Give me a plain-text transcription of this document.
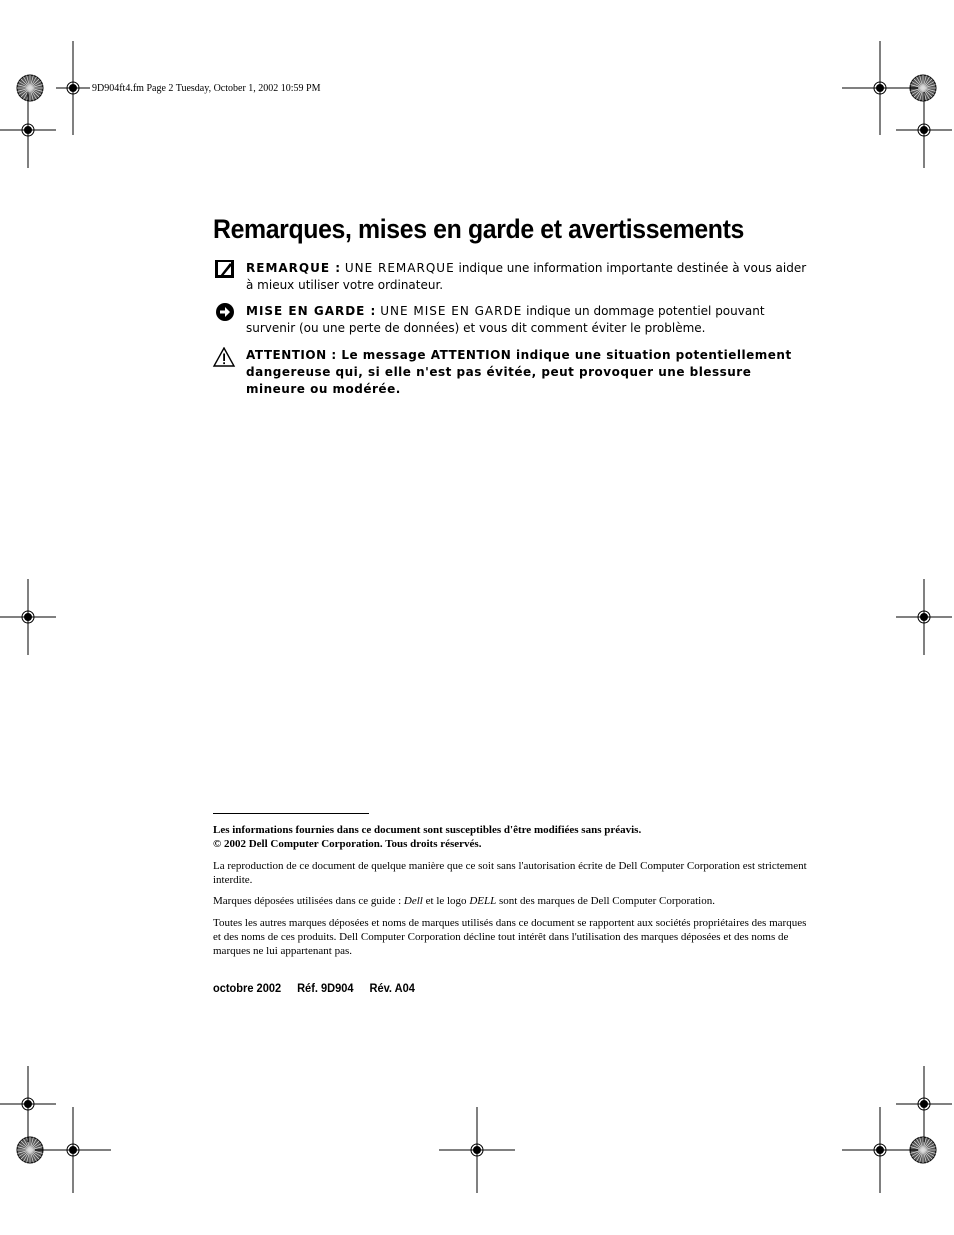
9D904ft4.fm Page 2 Tuesday, October 1, 2002 10:59 PM
Remarques, mises en garde et avertissements
REMARQUE : UNE REMARQUE indique une information importante destinée à vous aider à mieux utiliser votre ordinateur.
MISE EN GARDE : UNE MISE EN GARDE indique un dommage potentiel pouvant survenir (ou une perte de données) et vous dit comment éviter le problème.
ATTENTION : Le message ATTENTION indique une situation potentiellement dangereuse qui, si elle n'est pas évitée, peut provoquer une blessure mineure ou modérée.

Les informations fournies dans ce document sont susceptibles d'être modifiées sans préavis.

© 2002 Dell Computer Corporation. Tous droits réservés.

La reproduction de ce document de quelque manière que ce soit sans l'autorisation écrite de Dell Computer Corporation est strictement interdite.

Marques déposées utilisées dans ce guide : Dell et le logo DELL sont des marques de Dell Computer Corporation.

Toutes les autres marques déposées et noms de marques utilisés dans ce document se rapportent aux sociétés propriétaires des marques et des noms de ces produits. Dell Computer Corporation décline tout intérêt dans l'utilisation des marques déposées et des noms de marques ne lui appartenant pas.

octobre 2002 Réf. 9D904 Rév. A04
